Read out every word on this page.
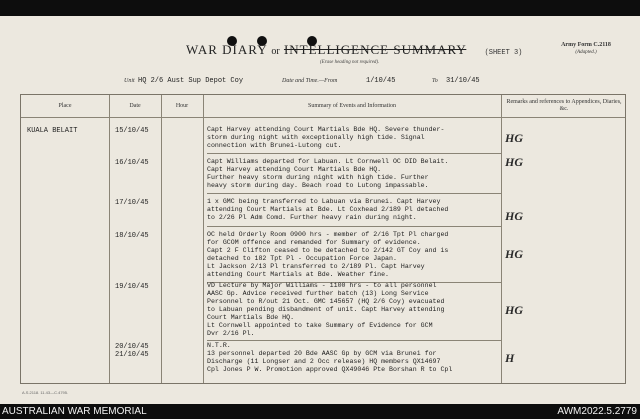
WAR DIARY or INTELLIGENCE SUMMARY	(SHEET 3)
(Erase heading not required).
Army Form C.2118
(Adapted.)
Unit HQ 2/6 Aust Sup Depot Coy	Date and Time.—From	1/10/45	To 31/10/45
Place	Date	Hour	Summary of Events and Information
Remarks and references to Appendices, Diaries, &c.
KUALA BELAIT	15/10/45	Capt Harvey attending Court Martials Bde HQ. Severe thunder-
storm during night with exceptionally high tide. Signal
connection with Brunei-Lutong cut.
HG
16/10/45	Capt Williams departed for Labuan. Lt Cornwell OC DID Belait.
Capt Harvey attending Court Martials Bde HQ.
Further heavy storm during night with high tide. Further
heavy storm during day. Beach road to Lutong impassable.
HG
17/10/45	1 x GMC being transferred to Labuan via Brunei. Capt Harvey
attending Court Martials at Bde. Lt Coxhead 2/189 Pl detached
to 2/26 Pl Adm Comd. Further heavy rain during night.	HG
18/10/45	OC held Orderly Room 0900 hrs - member of 2/16 Tpt Pl charged
for GCOM offence and remanded for Summary of evidence.
Capt 2 F Clifton ceased to be detached to 2/142 GT Coy and is
detached to 182 Tpt Pl - Occupation Force Japan.
Lt Jackson 2/13 Pl transferred to 2/189 Pl. Capt Harvey
attending Court Martials at Bde. Weather fine.
HG
19/10/45	VD Lecture by Major Williams - 1100 hrs - to all personnel
AASC Gp. Advice received further batch (13) Long Service
Personnel to R/out 21 Oct. GMC 145657 (HQ 2/6 Coy) evacuated
to Labuan pending disbandment of unit. Capt Harvey attending
Court Martials Bde HQ.
Lt Cornwell appointed to take Summary of Evidence for GCM
Dvr 2/16 Pl.
HG
20/10/45
21/10/45
N.T.R.
13 personnel departed 20 Bde AASC Gp by GCM via Brunei for
Discharge (11 Longser and 2 Occ release) HQ members QX14697
Cpl Jones P W. Promotion approved QX49046 Pte Borshan R to Cpl
H
A.S.2118. 11.43—C.4795.
AUSTRALIAN WAR MEMORIAL	AWM2022.5.2779
